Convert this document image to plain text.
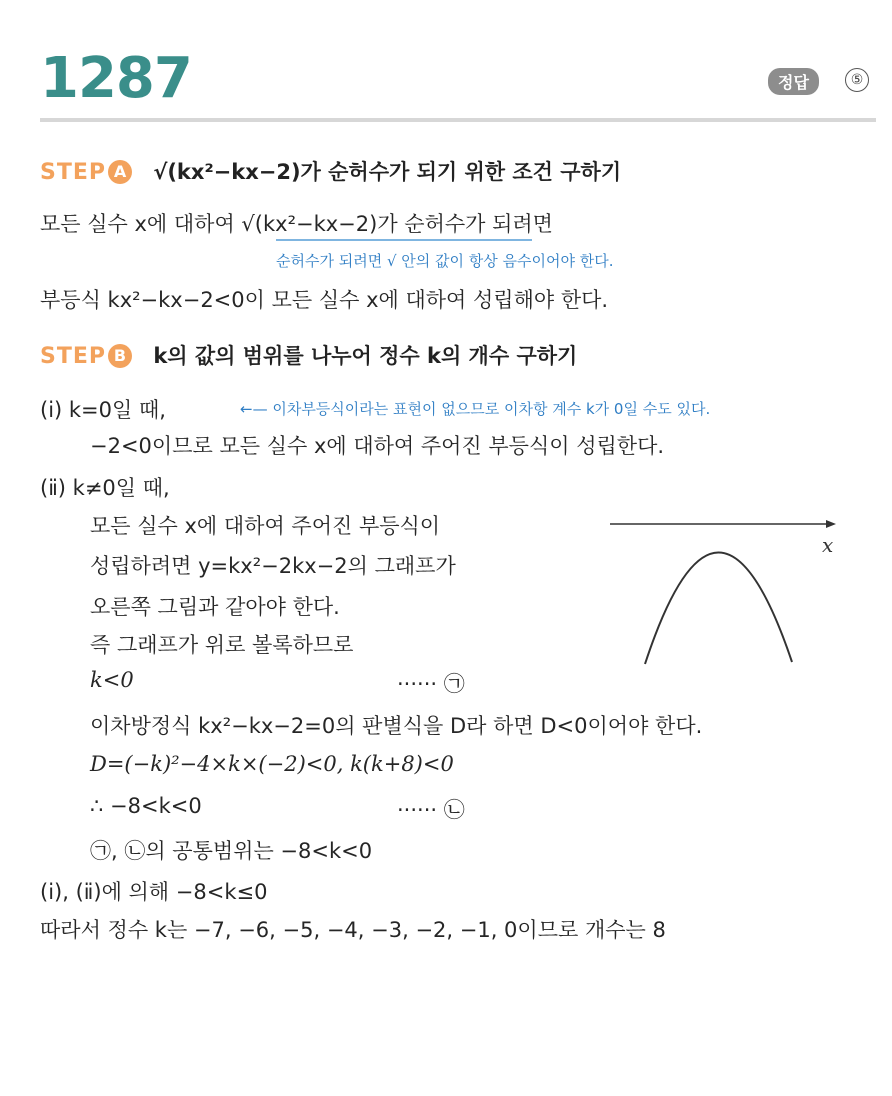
1287	정답	⑤
STEP A √(kx²−kx−2)가 순허수가 되기 위한 조건 구하기
모든 실수 x에 대하여 √(kx²−kx−2)가 순허수가 되려면
순허수가 되려면 √ 안의 값이 항상 음수이어야 한다.
부등식 kx²−kx−2<0이 모든 실수 x에 대하여 성립해야 한다.
STEP B k의 값의 범위를 나누어 정수 k의 개수 구하기
(ⅰ) k=0일 때,	←— 이차부등식이라는 표현이 없으므로 이차항 계수 k가 0일 수도 있다.
−2<0이므로 모든 실수 x에 대하여 주어진 부등식이 성립한다.
(ⅱ) k≠0일 때,
모든 실수 x에 대하여 주어진 부등식이
성립하려면 y=kx²−2kx−2의 그래프가
오른쪽 그림과 같아야 한다.
즉 그래프가 위로 볼록하므로
k<0	······ ㉠
이차방정식 kx²−kx−2=0의 판별식을 D라 하면 D<0이어야 한다.
D=(−k)²−4×k×(−2)<0, k(k+8)<0
∴ −8<k<0	······ ㉡
㉠, ㉡의 공통범위는 −8<k<0
(ⅰ), (ⅱ)에 의해 −8<k≤0
따라서 정수 k는 −7, −6, −5, −4, −3, −2, −1, 0이므로 개수는 8
x
